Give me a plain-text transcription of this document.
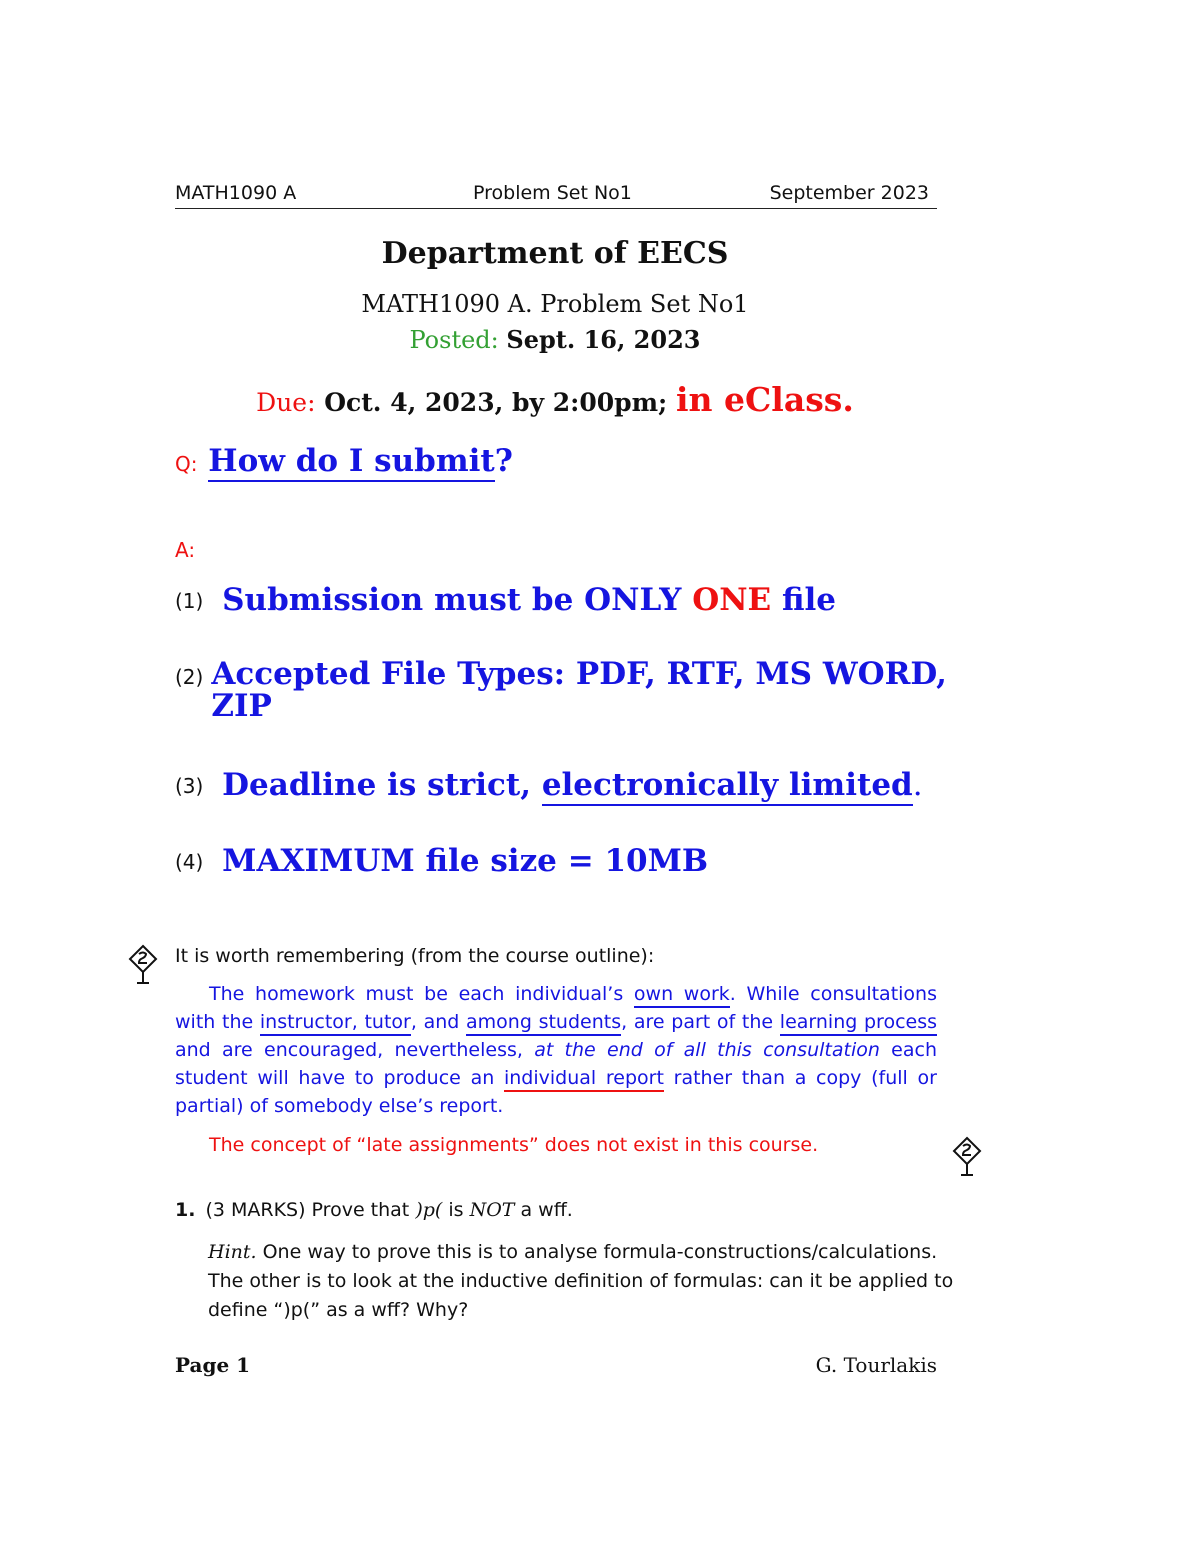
MATH1090 A	Problem Set No1	September 2023
Department of EECS
MATH1090 A. Problem Set No1
Posted: Sept. 16, 2023
Due: Oct. 4, 2023, by 2:00pm; in eClass.
Q: How do I submit?
A:
(1) Submission must be ONLY ONE file
(2) Accepted File Types: PDF, RTF, MS WORD, ZIP
(3) Deadline is strict, electronically limited.
(4) MAXIMUM file size = 10MB
It is worth remembering (from the course outline):
The homework must be each individual’s own work. While consultations with the instructor, tutor, and among students, are part of the learning process and are encouraged, nevertheless, at the end of all this consultation each student will have to produce an individual report rather than a copy (full or partial) of somebody else’s report.
The concept of “late assignments” does not exist in this course.
1. (3 MARKS) Prove that )p( is NOT a wff.
Hint. One way to prove this is to analyse formula-constructions/calculations. The other is to look at the inductive definition of formulas: can it be applied to define “)p(” as a wff? Why?
Page 1	G. Tourlakis
